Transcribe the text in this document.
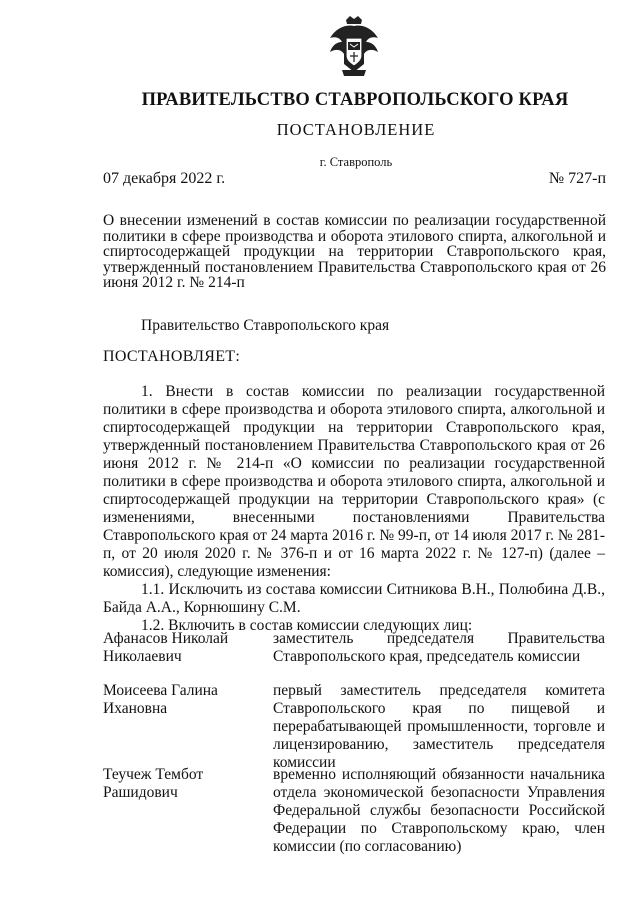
ПРАВИТЕЛЬСТВО СТАВРОПОЛЬСКОГО КРАЯ
ПОСТАНОВЛЕНИЕ
г. Ставрополь
07 декабря 2022 г.	№ 727-п
О внесении изменений в состав комиссии по реализации государственной политики в сфере производства и оборота этилового спирта, алкогольной и спиртосодержащей продукции на территории Ставропольского края, утвержденный постановлением Правительства Ставропольского края от 26 июня 2012 г. № 214-п
Правительство Ставропольского края
ПОСТАНОВЛЯЕТ:

1. Внести в состав комиссии по реализации государственной политики в сфере производства и оборота этилового спирта, алкогольной и спиртосодержащей продукции на территории Ставропольского края, утвержденный постановлением Правительства Ставропольского края от 26 июня 2012 г. № 214-п «О комиссии по реализации государственной политики в сфере производства и оборота этилового спирта, алкогольной и спиртосодержащей продукции на территории Ставропольского края» (с изменениями, внесенными постановлениями Правительства Ставропольского края от 24 марта 2016 г. № 99-п, от 14 июля 2017 г. № 281-п, от 20 июля 2020 г. № 376-п и от 16 марта 2022 г. № 127-п) (далее – комиссия), следующие изменения:

1.1. Исключить из состава комиссии Ситникова В.Н., Полюбина Д.В., Байда А.А., Корнюшину С.М.

1.2. Включить в состав комиссии следующих лиц:

Афанасов Николай Николаевич
заместитель председателя Правительства Ставропольского края, председатель комиссии
Моисеева Галина Ихановна
первый заместитель председателя комитета Ставропольского края по пищевой и перерабатывающей промышленности, торговле и лицензированию, заместитель председателя комиссии
Теучеж Тембот Рашидович
временно исполняющий обязанности начальника отдела экономической безопасности Управления Федеральной службы безопасности Российской Федерации по Ставропольскому краю, член комиссии (по согласованию)
